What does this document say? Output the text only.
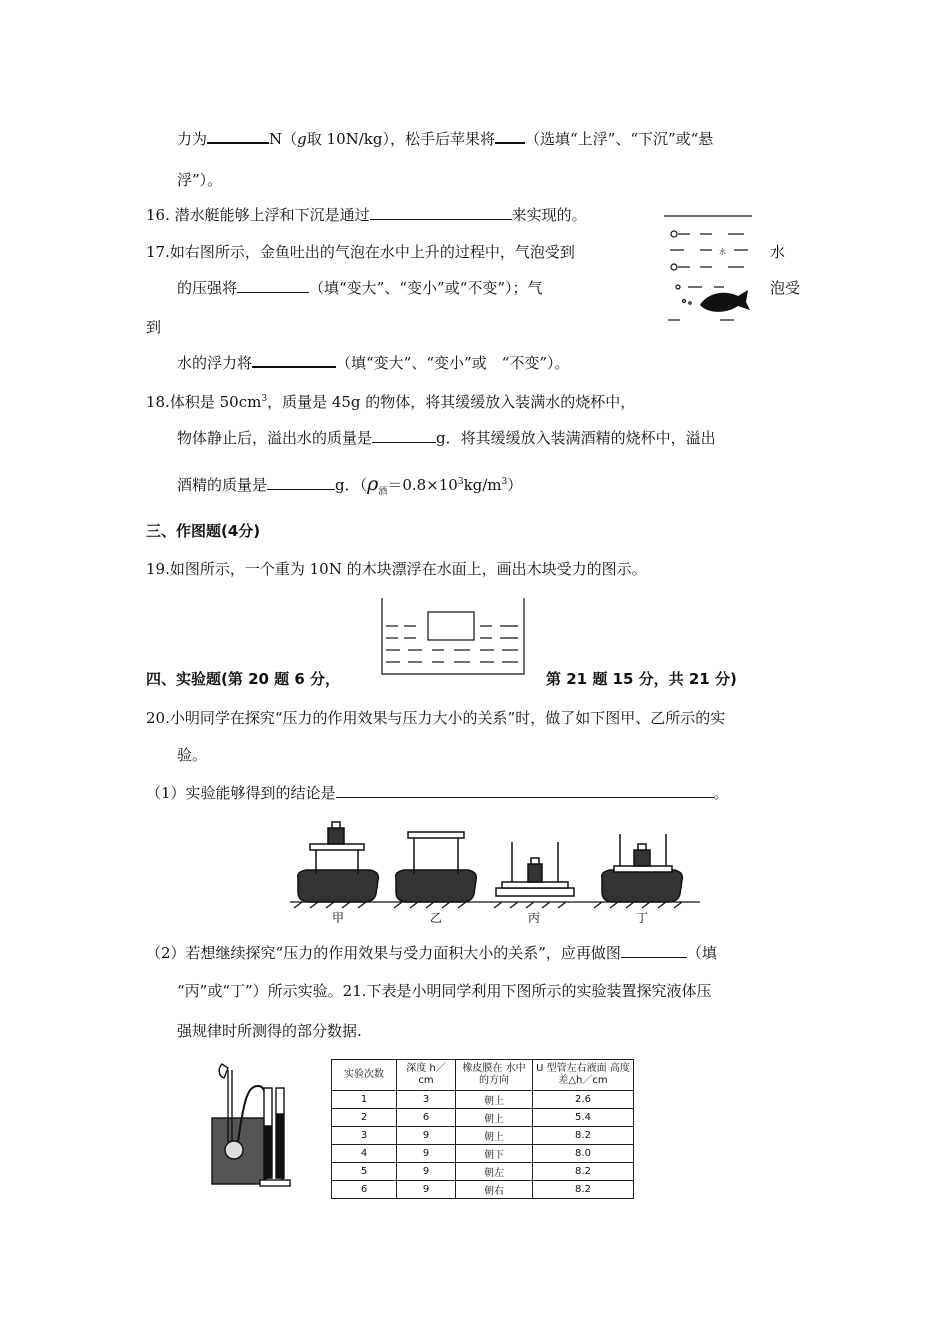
力为	N（g取 10N/kg），松手后苹果将 （选填“上浮”、“下沉”或“悬
浮”）。
16. 潜水艇能够上浮和下沉是通过	来实现的。
17.如右图所示，金鱼吐出的气泡在水中上升的过程中，气泡受到	水
的压强将	（填“变大”、“变小”或“不变”）；气	泡受
到
水的浮力将	（填“变大”、“变小”或　“不变”）。
水
18.体积是 $50cm^3$，质量是 45g 的物体，将其缓缓放入装满水的烧杯中，
物体静止后，溢出水的质量是	g．将其缓缓放入装满酒精的烧杯中，溢出
酒精的质量是	g．$(\rho_酒=0.8\times 10^3kg/m^3)$
三、作图题(4分)
19.如图所示，一个重为 10N 的木块漂浮在水面上，画出木块受力的图示。
四、实验题(第 20 题 6 分，	第 21 题 15 分，共 21 分)
20.小明同学在探究“压力的作用效果与压力大小的关系”时，做了如下图甲、乙所示的实
验。
（1）实验能够得到的结论是	。
甲	乙	丙	丁
（2）若想继续探究“压力的作用效果与受力面积大小的关系”，应再做图	（填
“丙”或“丁”）所示实验。21.下表是小明同学利用下图所示的实验装置探究液体压
强规律时所测得的部分数据.
实验次数	深度 h／cm	橡皮膜在 水中的方向	U 型管左右液面 高度差△h／cm
1	3	朝上	2.6
2	6	朝上	5.4
3	9	朝上	8.2
4	9	朝下	8.0
5	9	朝左	8.2
6	9	朝右	8.2
